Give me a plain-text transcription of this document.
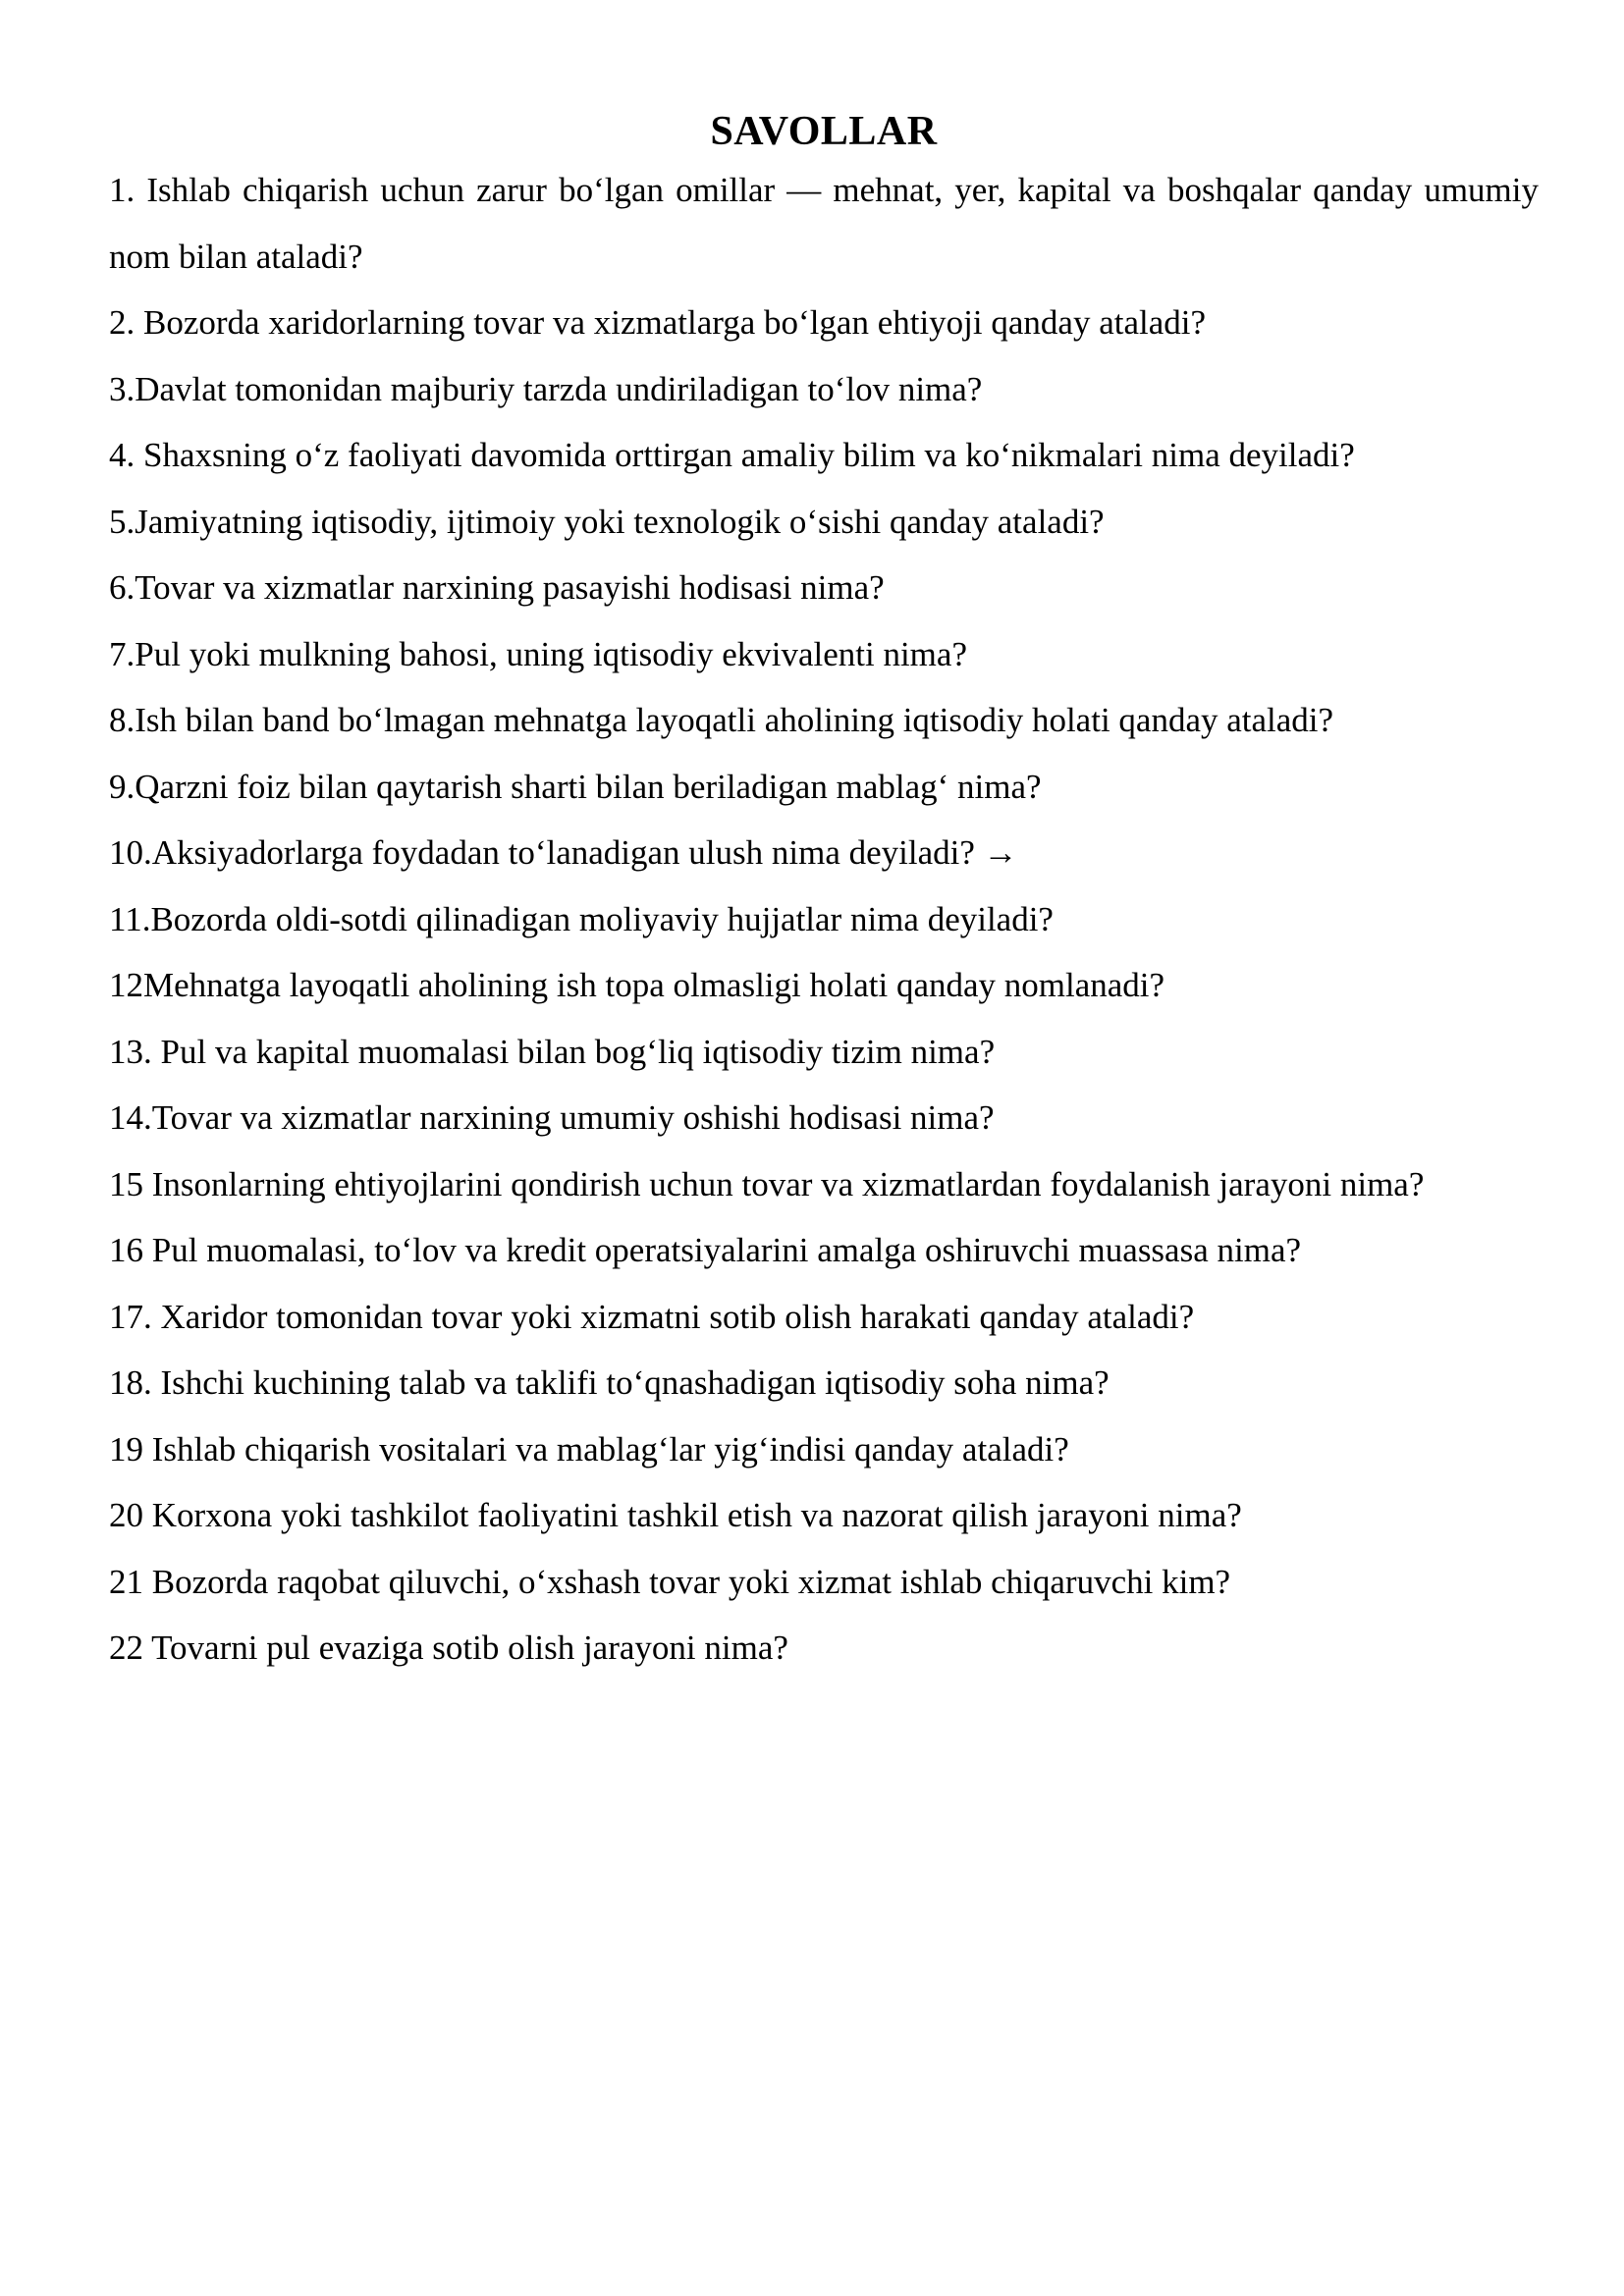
SAVOLLAR
1. Ishlab chiqarish uchun zarur bo‘lgan omillar — mehnat, yer, kapital va boshqalar qanday umumiy nom bilan ataladi?
2. Bozorda xaridorlarning tovar va xizmatlarga bo‘lgan ehtiyoji qanday ataladi?
3.Davlat tomonidan majburiy tarzda undiriladigan to‘lov nima?
4. Shaxsning o‘z faoliyati davomida orttirgan amaliy bilim va ko‘nikmalari nima deyiladi?
5.Jamiyatning iqtisodiy, ijtimoiy yoki texnologik o‘sishi qanday ataladi?
6.Tovar va xizmatlar narxining pasayishi hodisasi nima?
7.Pul yoki mulkning bahosi, uning iqtisodiy ekvivalenti nima?
8.Ish bilan band bo‘lmagan mehnatga layoqatli aholining iqtisodiy holati qanday ataladi?
9.Qarzni foiz bilan qaytarish sharti bilan beriladigan mablag‘ nima?
10.Aksiyadorlarga foydadan to‘lanadigan ulush nima deyiladi? →
11.Bozorda oldi-sotdi qilinadigan moliyaviy hujjatlar nima deyiladi?
12Mehnatga layoqatli aholining ish topa olmasligi holati qanday nomlanadi?
13. Pul va kapital muomalasi bilan bog‘liq iqtisodiy tizim nima?
14.Tovar va xizmatlar narxining umumiy oshishi hodisasi nima?
15 Insonlarning ehtiyojlarini qondirish uchun tovar va xizmatlardan foydalanish jarayoni nima?
16 Pul muomalasi, to‘lov va kredit operatsiyalarini amalga oshiruvchi muassasa nima?
17. Xaridor tomonidan tovar yoki xizmatni sotib olish harakati qanday ataladi?
18. Ishchi kuchining talab va taklifi to‘qnashadigan iqtisodiy soha nima?
19 Ishlab chiqarish vositalari va mablag‘lar yig‘indisi qanday ataladi?
20 Korxona yoki tashkilot faoliyatini tashkil etish va nazorat qilish jarayoni nima?
21 Bozorda raqobat qiluvchi, o‘xshash tovar yoki xizmat ishlab chiqaruvchi kim?
22 Tovarni pul evaziga sotib olish jarayoni nima?
